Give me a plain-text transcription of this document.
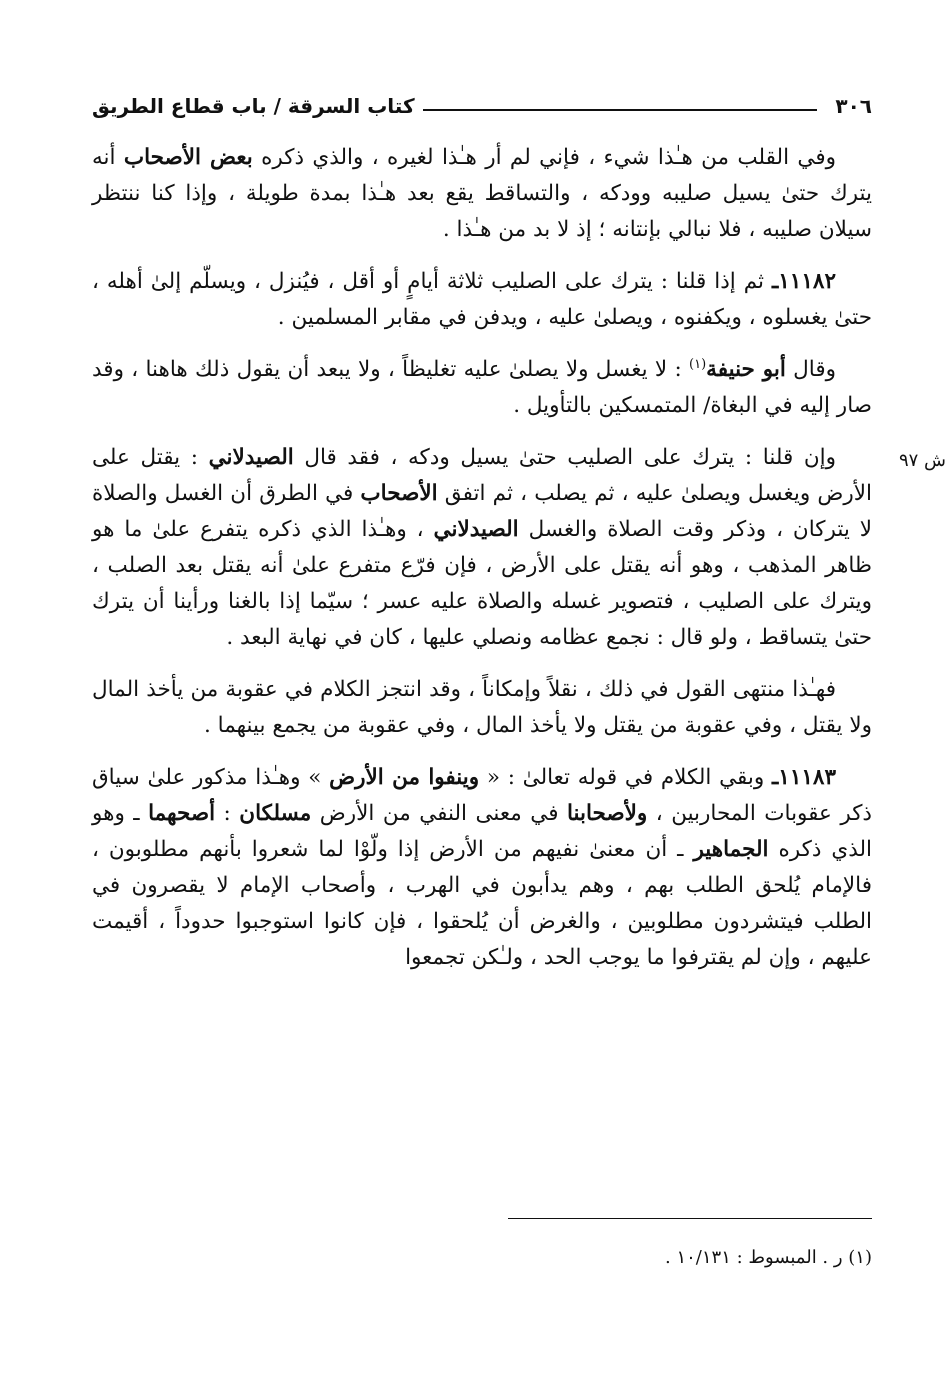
٣٠٦
كتاب السرقة / باب قطاع الطريق

وفي القلب من هـٰذا شيء ، فإني لم أر هـٰذا لغيره ، والذي ذكره بعض الأصحاب أنه يترك حتىٰ يسيل صليبه وودكه ، والتساقط يقع بعد هـٰذا بمدة طويلة ، وإذا كنا ننتظر سيلان صليبه ، فلا نبالي بإنتانه ؛ إذ لا بد من هـٰذا .

١١١٨٢ـ ثم إذا قلنا : يترك على الصليب ثلاثة أيامٍ أو أقل ، فيُنزل ، ويسلّم إلىٰ أهله ، حتىٰ يغسلوه ، ويكفنوه ، ويصلىٰ عليه ، ويدفن في مقابر المسلمين .

وقال أبو حنيفة$^{(١)}$ : لا يغسل ولا يصلىٰ عليه تغليظاً ، ولا يبعد أن يقول ذلك هاهنا ، وقد صار إليه في البغاة/ المتمسكين بالتأويل .

وإن قلنا : يترك على الصليب حتىٰ يسيل ودكه ، فقد قال الصيدلاني : يقتل على الأرض ويغسل ويصلىٰ عليه ، ثم يصلب ، ثم اتفق الأصحاب في الطرق أن الغسل والصلاة لا يتركان ، وذكر وقت الصلاة والغسل الصيدلاني ، وهـٰذا الذي ذكره يتفرع علىٰ ما هو ظاهر المذهب ، وهو أنه يقتل على الأرض ، فإن فرّع متفرع علىٰ أنه يقتل بعد الصلب ، ويترك على الصليب ، فتصوير غسله والصلاة عليه عسر ؛ سيّما إذا بالغنا ورأينا أن يترك حتىٰ يتساقط ، ولو قال : نجمع عظامه ونصلي عليها ، كان في نهاية البعد .

فهـٰذا منتهى القول في ذلك ، نقلاً وإمكاناً ، وقد انتجز الكلام في عقوبة من يأخذ المال ولا يقتل ، وفي عقوبة من يقتل ولا يأخذ المال ، وفي عقوبة من يجمع بينهما .

١١١٨٣ـ وبقي الكلام في قوله تعالىٰ : « وينفوا من الأرض » وهـٰذا مذكور علىٰ سياق ذكر عقوبات المحاربين ، ولأصحابنا في معنى النفي من الأرض مسلكان : أصحهما ـ وهو الذي ذكره الجماهير ـ أن معنىٰ نفيهم من الأرض إذا ولّوْا لما شعروا بأنهم مطلوبون ، فالإمام يُلحق الطلب بهم ، وهم يدأبون في الهرب ، وأصحاب الإمام لا يقصرون في الطلب فيتشردون مطلوبين ، والغرض أن يُلحقوا ، فإن كانوا استوجبوا حدوداً ، أقيمت عليهم ، وإن لم يقترفوا ما يوجب الحد ، ولـٰكن تجمعوا

ش ٩٧
(١) ر . المبسوط : ١٠/١٣١ .
